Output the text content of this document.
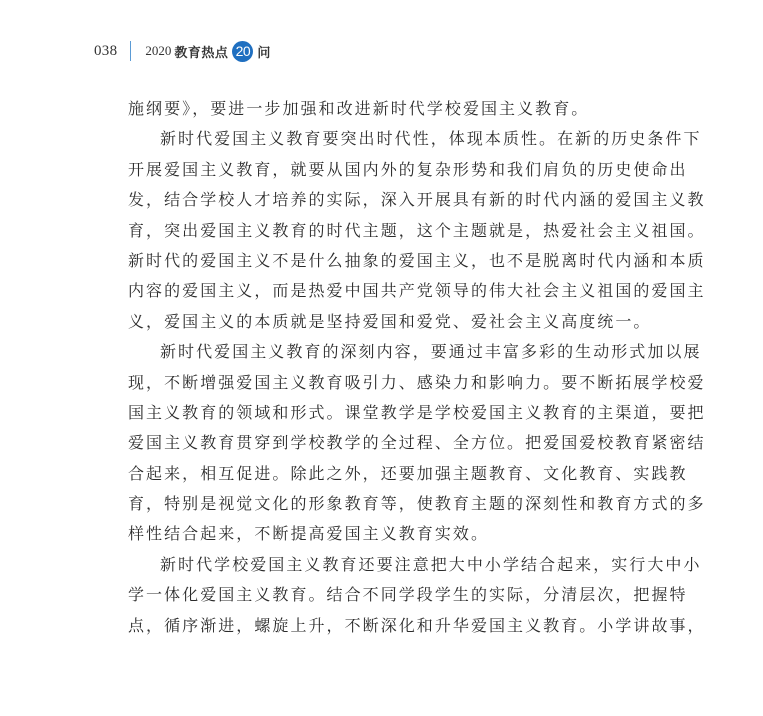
038 2020 教育热点 20 问
施纲要》，要进一步加强和改进新时代学校爱国主义教育。
新时代爱国主义教育要突出时代性，体现本质性。在新的历史条件下
开展爱国主义教育，就要从国内外的复杂形势和我们肩负的历史使命出
发，结合学校人才培养的实际，深入开展具有新的时代内涵的爱国主义教
育，突出爱国主义教育的时代主题，这个主题就是，热爱社会主义祖国。
新时代的爱国主义不是什么抽象的爱国主义，也不是脱离时代内涵和本质
内容的爱国主义，而是热爱中国共产党领导的伟大社会主义祖国的爱国主
义，爱国主义的本质就是坚持爱国和爱党、爱社会主义高度统一。
新时代爱国主义教育的深刻内容，要通过丰富多彩的生动形式加以展
现，不断增强爱国主义教育吸引力、感染力和影响力。要不断拓展学校爱
国主义教育的领域和形式。课堂教学是学校爱国主义教育的主渠道，要把
爱国主义教育贯穿到学校教学的全过程、全方位。把爱国爱校教育紧密结
合起来，相互促进。除此之外，还要加强主题教育、文化教育、实践教
育，特别是视觉文化的形象教育等，使教育主题的深刻性和教育方式的多
样性结合起来，不断提高爱国主义教育实效。
新时代学校爱国主义教育还要注意把大中小学结合起来，实行大中小
学一体化爱国主义教育。结合不同学段学生的实际，分清层次，把握特
点，循序渐进，螺旋上升，不断深化和升华爱国主义教育。小学讲故事，
